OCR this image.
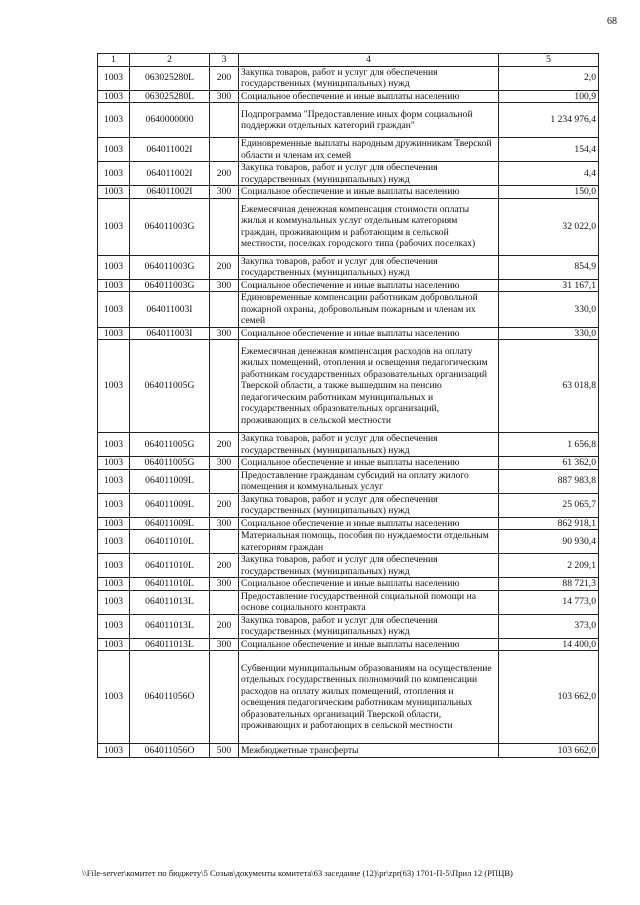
68
1	2	3	4	5
1003	063025280L	200	Закупка товаров, работ и услуг для обеспечения государственных (муниципальных) нужд	2,0
1003	063025280L	300	Социальное обеспечение и иные выплаты населению	100,9
1003	0640000000		Подпрограмма "Предоставление иных форм социальной поддержки отдельных категорий граждан"	1 234 976,4
1003	064011002I		Единовременные выплаты народным дружинникам Тверской области и членам их семей	154,4
1003	064011002I	200	Закупка товаров, работ и услуг для обеспечения государственных (муниципальных) нужд	4,4
1003	064011002I	300	Социальное обеспечение и иные выплаты населению	150,0
1003	064011003G		Ежемесячная денежная компенсация стоимости оплаты жилья и коммунальных услуг отдельным категориям граждан, проживающим и работающим в сельской местности, поселках городского типа (рабочих поселках)	32 022,0
1003	064011003G	200	Закупка товаров, работ и услуг для обеспечения государственных (муниципальных) нужд	854,9
1003	064011003G	300	Социальное обеспечение и иные выплаты населению	31 167,1
1003	064011003I		Единовременные компенсации работникам добровольной пожарной охраны, добровольным пожарным и членам их семей	330,0
1003	064011003I	300	Социальное обеспечение и иные выплаты населению	330,0
1003	064011005G		Ежемесячная денежная компенсация расходов на оплату жилых помещений, отопления и освещения педагогическим работникам государственных образовательных организаций Тверской области, а также вышедшим на пенсию педагогическим работникам муниципальных и государственных образовательных организаций, проживающих в сельской местности	63 018,8
1003	064011005G	200	Закупка товаров, работ и услуг для обеспечения государственных (муниципальных) нужд	1 656,8
1003	064011005G	300	Социальное обеспечение и иные выплаты населению	61 362,0
1003	064011009L		Предоставление гражданам субсидий на оплату жилого помещения и коммунальных услуг	887 983,8
1003	064011009L	200	Закупка товаров, работ и услуг для обеспечения государственных (муниципальных) нужд	25 065,7
1003	064011009L	300	Социальное обеспечение и иные выплаты населению	862 918,1
1003	064011010L		Материальная помощь, пособия по нуждаемости отдельным категориям граждан	90 930,4
1003	064011010L	200	Закупка товаров, работ и услуг для обеспечения государственных (муниципальных) нужд	2 209,1
1003	064011010L	300	Социальное обеспечение и иные выплаты населению	88 721,3
1003	064011013L		Предоставление государственной социальной помощи на основе социального контракта	14 773,0
1003	064011013L	200	Закупка товаров, работ и услуг для обеспечения государственных (муниципальных) нужд	373,0
1003	064011013L	300	Социальное обеспечение и иные выплаты населению	14 400,0
1003	064011056O		Субвенции муниципальным образованиям на осуществление отдельных государственных полномочий по компенсации расходов на оплату жилых помещений, отопления и освещения педагогическим работникам муниципальных образовательных организаций Тверской области, проживающих и работающих в сельской местности	103 662,0
1003	064011056O	500	Межбюджетные трансферты	103 662,0
\\File-server\комитет по бюджету\5 Созыв\документы комитета\63 заседание (12)\pr\zpr(63) 1701-П-5\Прил 12 (РПЦВ)
